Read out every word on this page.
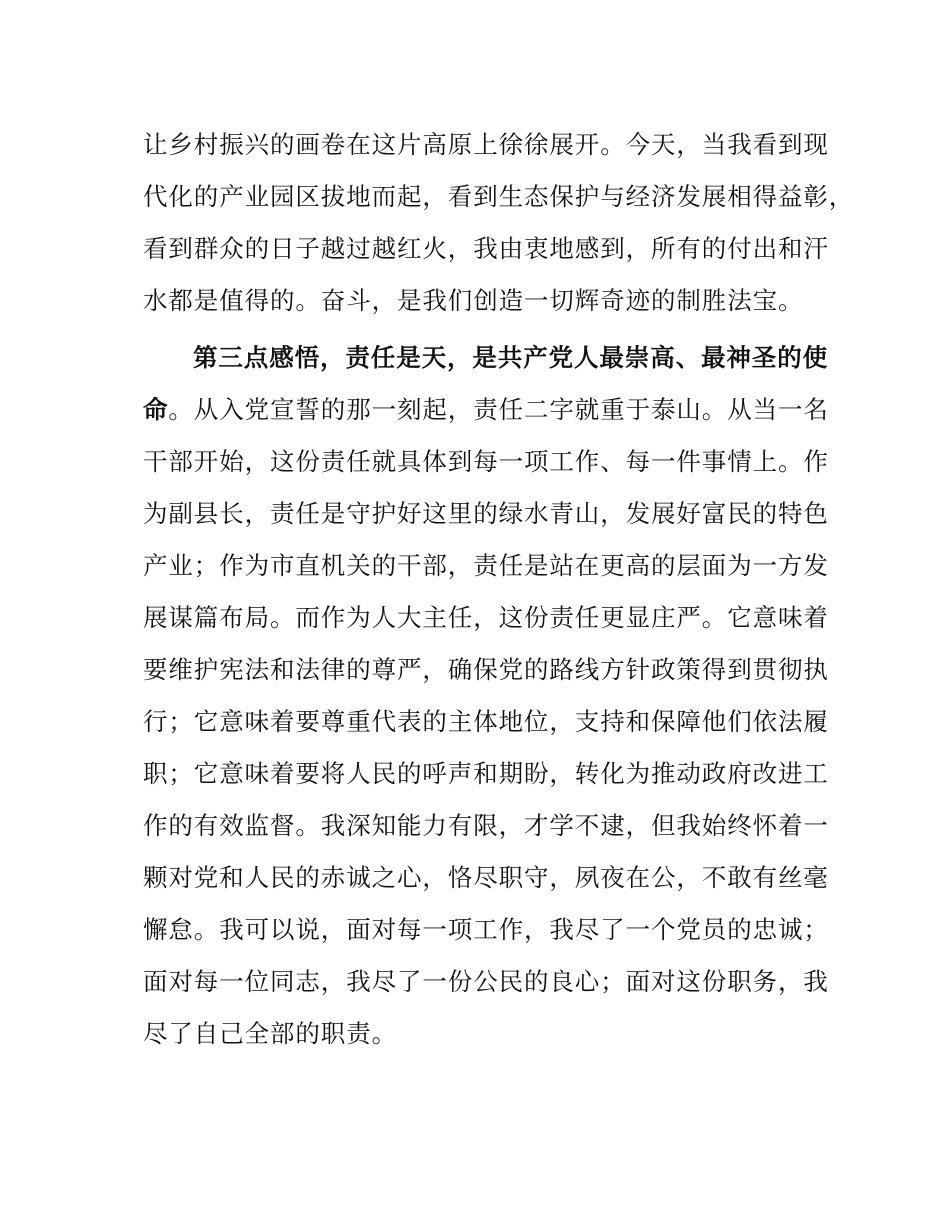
让乡村振兴的画卷在这片高原上徐徐展开。今天，当我看到现
代化的产业园区拔地而起，看到生态保护与经济发展相得益彰，
看到群众的日子越过越红火，我由衷地感到，所有的付出和汗
水都是值得的。奋斗，是我们创造一切辉奇迹的制胜法宝。
第三点感悟，责任是天，是共产党人最崇高、最神圣的使
命。从入党宣誓的那一刻起，责任二字就重于泰山。从当一名
干部开始，这份责任就具体到每一项工作、每一件事情上。作
为副县长，责任是守护好这里的绿水青山，发展好富民的特色
产业；作为市直机关的干部，责任是站在更高的层面为一方发
展谋篇布局。而作为人大主任，这份责任更显庄严。它意味着
要维护宪法和法律的尊严，确保党的路线方针政策得到贯彻执
行；它意味着要尊重代表的主体地位，支持和保障他们依法履
职；它意味着要将人民的呼声和期盼，转化为推动政府改进工
作的有效监督。我深知能力有限，才学不逮，但我始终怀着一
颗对党和人民的赤诚之心，恪尽职守，夙夜在公，不敢有丝毫
懈怠。我可以说，面对每一项工作，我尽了一个党员的忠诚；
面对每一位同志，我尽了一份公民的良心；面对这份职务，我
尽了自己全部的职责。
